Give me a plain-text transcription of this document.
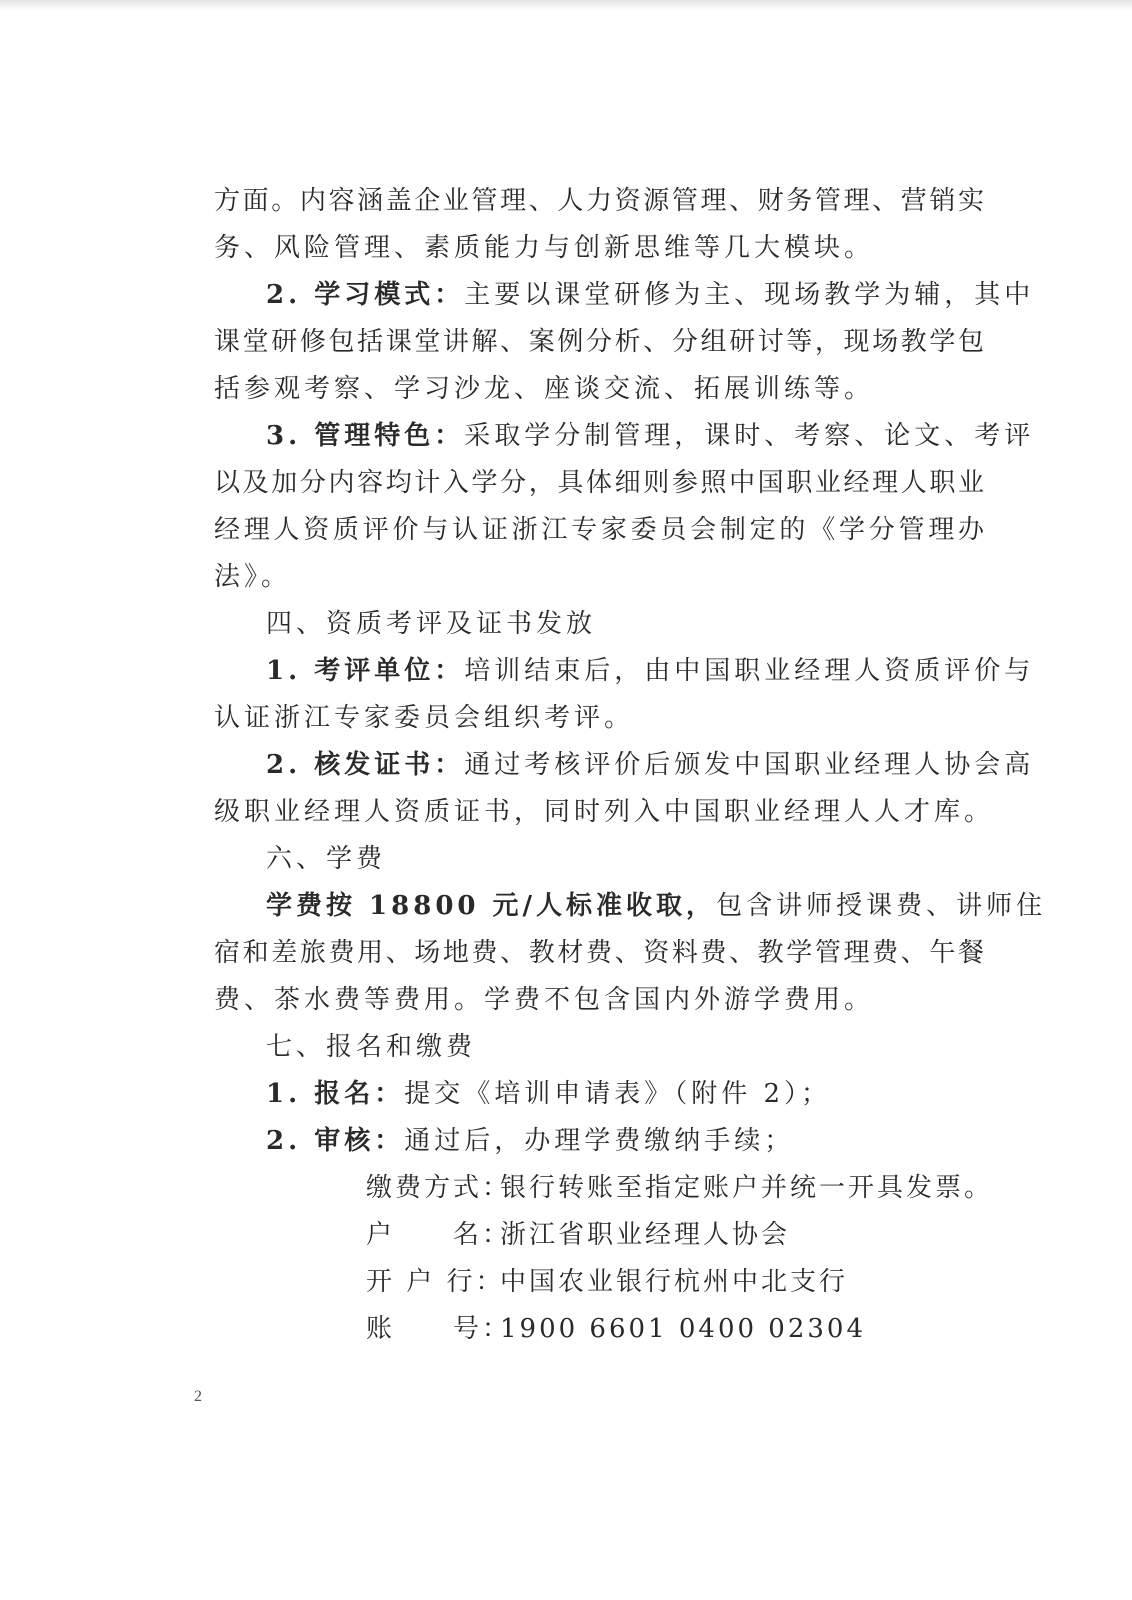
方面。内容涵盖企业管理、人力资源管理、财务管理、营销实
务、风险管理、素质能力与创新思维等几大模块。
2. 学习模式：主要以课堂研修为主、现场教学为辅，其中
课堂研修包括课堂讲解、案例分析、分组研讨等，现场教学包
括参观考察、学习沙龙、座谈交流、拓展训练等。
3. 管理特色：采取学分制管理，课时、考察、论文、考评
以及加分内容均计入学分，具体细则参照中国职业经理人职业
经理人资质评价与认证浙江专家委员会制定的《学分管理办
法》。
四、资质考评及证书发放
1. 考评单位：培训结束后，由中国职业经理人资质评价与
认证浙江专家委员会组织考评。
2. 核发证书：通过考核评价后颁发中国职业经理人协会高
级职业经理人资质证书，同时列入中国职业经理人人才库。
六、学费
学费按 18800 元/人标准收取，包含讲师授课费、讲师住
宿和差旅费用、场地费、教材费、资料费、教学管理费、午餐
费、茶水费等费用。学费不包含国内外游学费用。
七、报名和缴费
1. 报名：提交《培训申请表》（附件 2）；
2. 审核：通过后，办理学费缴纳手续；
缴费方式：银行转账至指定账户并统一开具发票。
户　　名：浙江省职业经理人协会
开 户 行：中国农业银行杭州中北支行
账　　号：1900 6601 0400 02304
2
